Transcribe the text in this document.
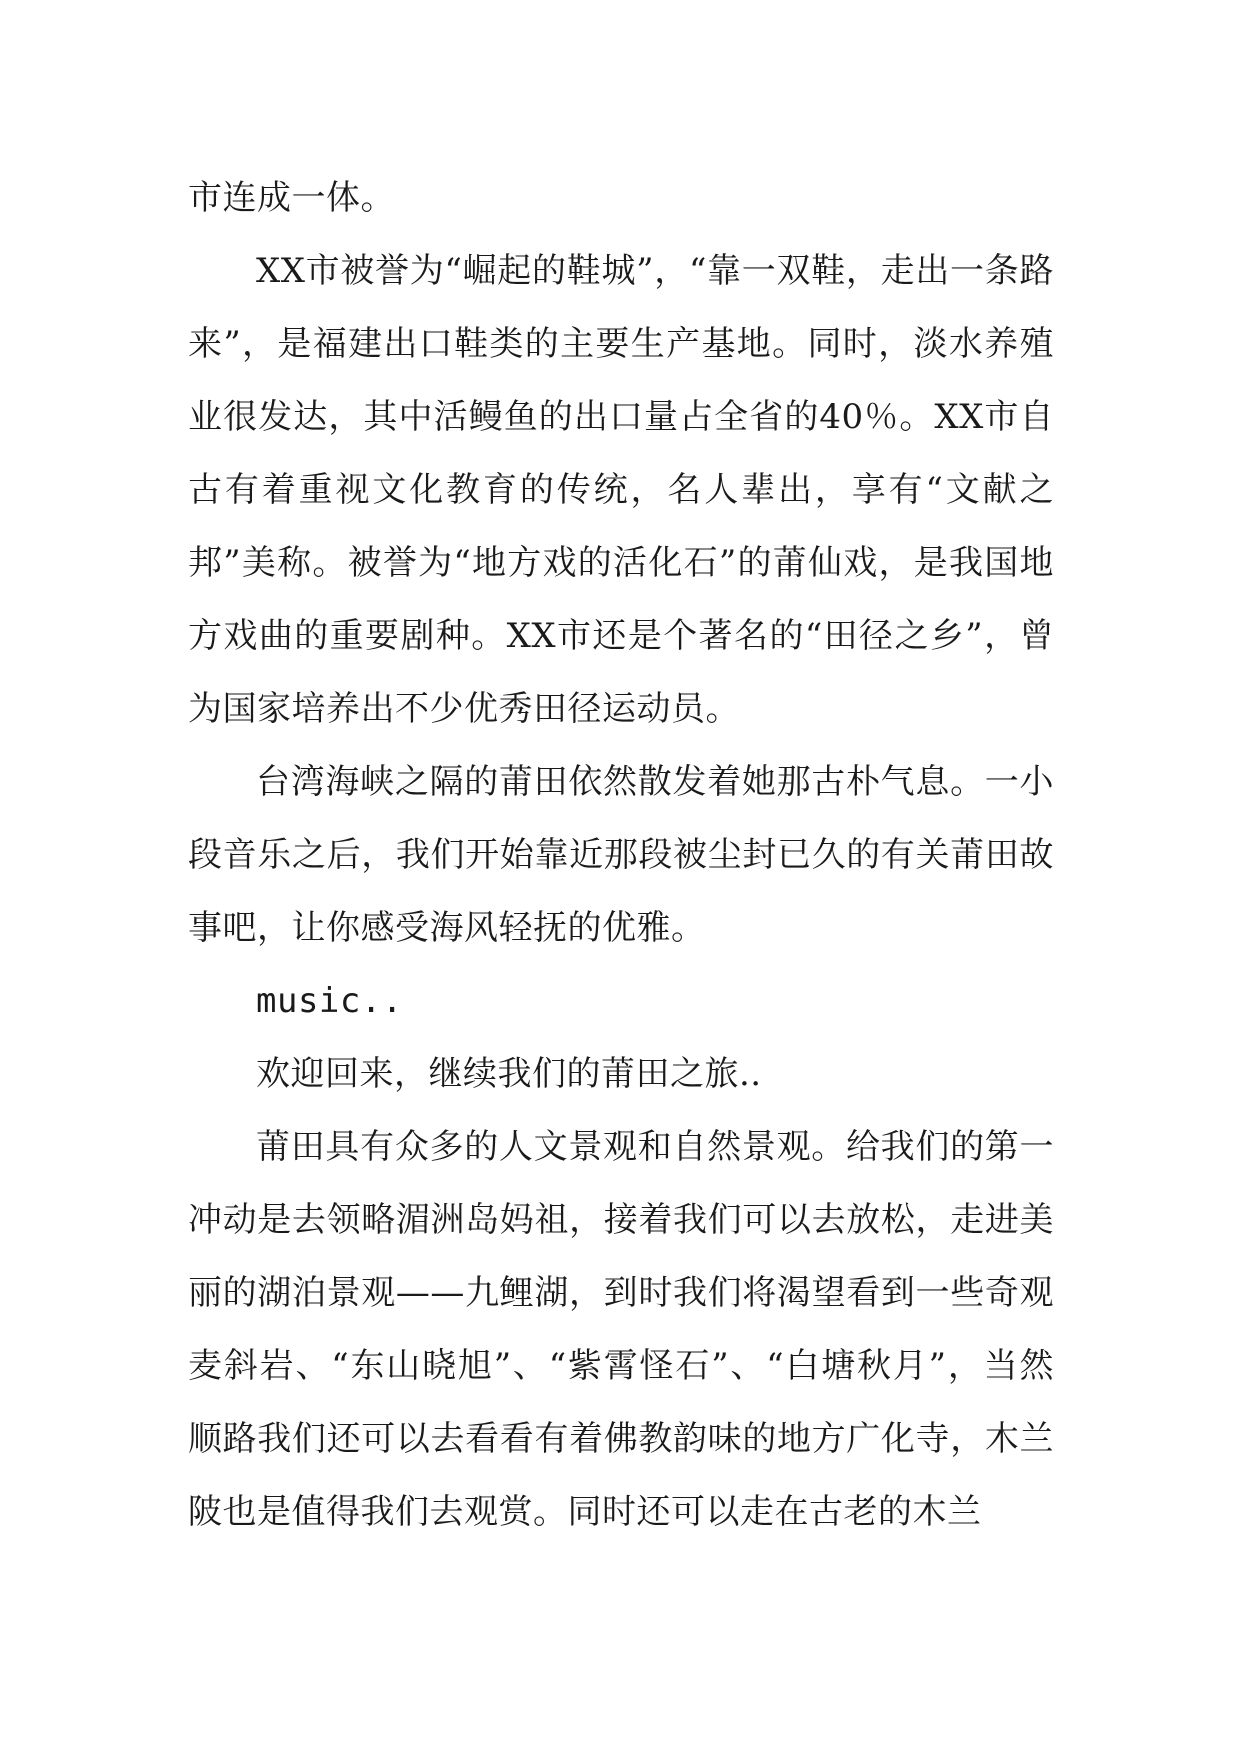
市连成一体。

XX市被誉为“崛起的鞋城”，“靠一双鞋，走出一条路来”，是福建出口鞋类的主要生产基地。同时，淡水养殖业很发达，其中活鳗鱼的出口量占全省的40％。XX市自古有着重视文化教育的传统，名人辈出，享有“文献之邦”美称。被誉为“地方戏的活化石”的莆仙戏，是我国地方戏曲的重要剧种。XX市还是个著名的“田径之乡”，曾为国家培养出不少优秀田径运动员。

台湾海峡之隔的莆田依然散发着她那古朴气息。一小段音乐之后，我们开始靠近那段被尘封已久的有关莆田故事吧，让你感受海风轻抚的优雅。

music..

欢迎回来，继续我们的莆田之旅..

莆田具有众多的人文景观和自然景观。给我们的第一冲动是去领略湄洲岛妈祖，接着我们可以去放松，走进美丽的湖泊景观——九鲤湖，到时我们将渴望看到一些奇观麦斜岩、“东山晓旭”、“紫霄怪石”、“白塘秋月”，当然顺路我们还可以去看看有着佛教韵味的地方广化寺，木兰陂也是值得我们去观赏。同时还可以走在古老的木兰
